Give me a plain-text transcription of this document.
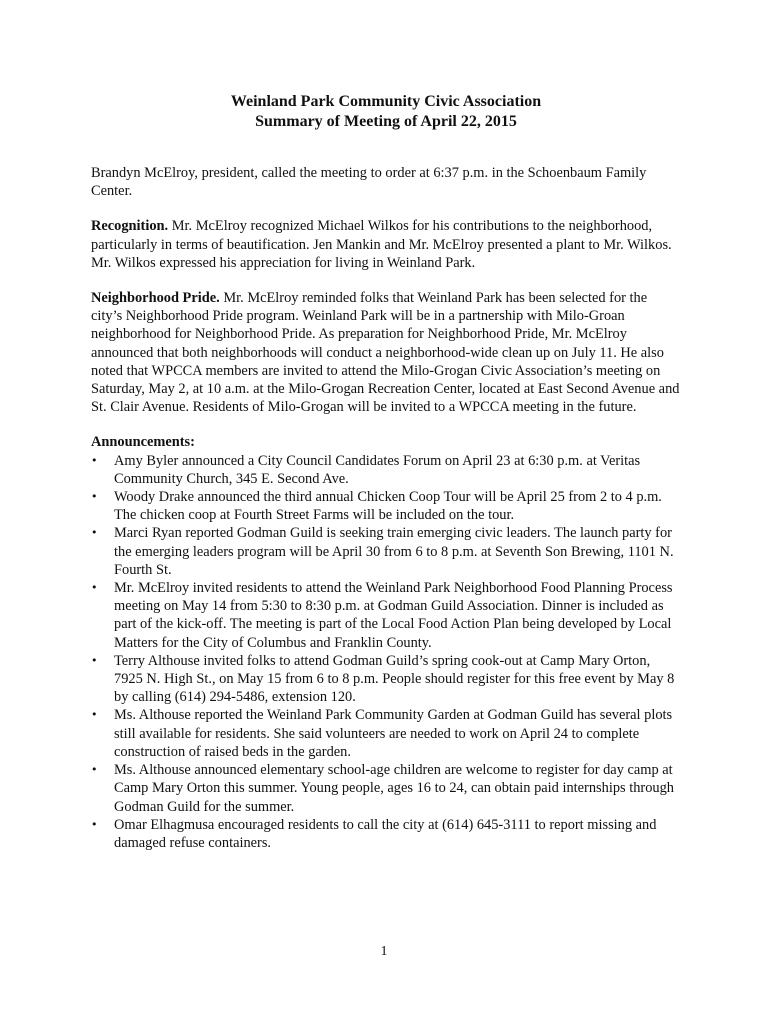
Weinland Park Community Civic Association
Summary of Meeting of April 22, 2015

Brandyn McElroy, president, called the meeting to order at 6:37 p.m. in the Schoenbaum Family Center.

Recognition. Mr. McElroy recognized Michael Wilkos for his contributions to the neighborhood, particularly in terms of beautification. Jen Mankin and Mr. McElroy presented a plant to Mr. Wilkos. Mr. Wilkos expressed his appreciation for living in Weinland Park.

Neighborhood Pride. Mr. McElroy reminded folks that Weinland Park has been selected for the city’s Neighborhood Pride program. Weinland Park will be in a partnership with Milo-Groan neighborhood for Neighborhood Pride. As preparation for Neighborhood Pride, Mr. McElroy announced that both neighborhoods will conduct a neighborhood-wide clean up on July 11. He also noted that WPCCA members are invited to attend the Milo-Grogan Civic Association’s meeting on Saturday, May 2, at 10 a.m. at the Milo-Grogan Recreation Center, located at East Second Avenue and St. Clair Avenue. Residents of Milo-Grogan will be invited to a WPCCA meeting in the future.

Announcements:
• Amy Byler announced a City Council Candidates Forum on April 23 at 6:30 p.m. at Veritas Community Church, 345 E. Second Ave.
• Woody Drake announced the third annual Chicken Coop Tour will be April 25 from 2 to 4 p.m. The chicken coop at Fourth Street Farms will be included on the tour.
• Marci Ryan reported Godman Guild is seeking train emerging civic leaders. The launch party for the emerging leaders program will be April 30 from 6 to 8 p.m. at Seventh Son Brewing, 1101 N. Fourth St.
• Mr. McElroy invited residents to attend the Weinland Park Neighborhood Food Planning Process meeting on May 14 from 5:30 to 8:30 p.m. at Godman Guild Association. Dinner is included as part of the kick-off. The meeting is part of the Local Food Action Plan being developed by Local Matters for the City of Columbus and Franklin County.
• Terry Althouse invited folks to attend Godman Guild’s spring cook-out at Camp Mary Orton, 7925 N. High St., on May 15 from 6 to 8 p.m. People should register for this free event by May 8 by calling (614) 294-5486, extension 120.
• Ms. Althouse reported the Weinland Park Community Garden at Godman Guild has several plots still available for residents. She said volunteers are needed to work on April 24 to complete construction of raised beds in the garden.
• Ms. Althouse announced elementary school-age children are welcome to register for day camp at Camp Mary Orton this summer. Young people, ages 16 to 24, can obtain paid internships through Godman Guild for the summer.
• Omar Elhagmusa encouraged residents to call the city at (614) 645-3111 to report missing and damaged refuse containers.
1
